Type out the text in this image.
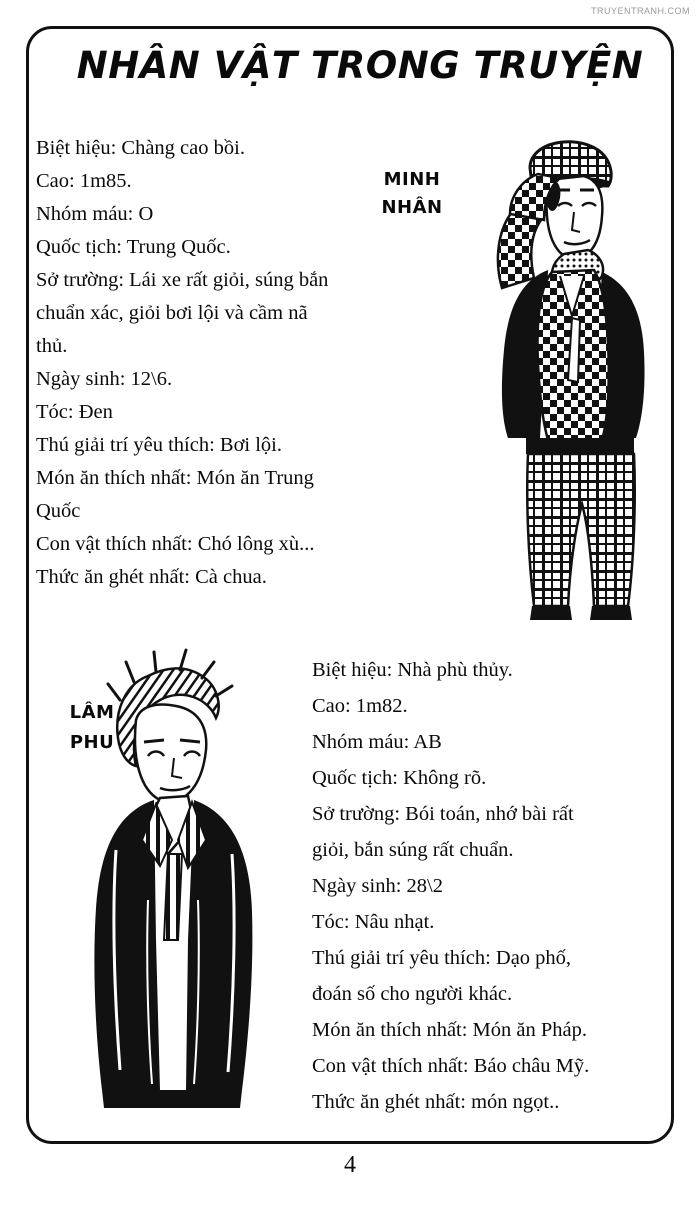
TRUYENTRANH.COM
NHÂN VẬT TRONG TRUYỆN
MINH
NHÂN
Biệt hiệu: Chàng cao bồi.
Cao: 1m85.
Nhóm máu: O
Quốc tịch: Trung Quốc.
Sở trường: Lái xe rất giỏi, súng bắn
chuẩn xác, giỏi bơi lội và cầm nã
thủ.
Ngày sinh: 12\6.
Tóc: Đen
Thú giải trí yêu thích: Bơi lội.
Món ăn thích nhất: Món ăn Trung
Quốc
Con vật thích nhất: Chó lông xù...
Thức ăn ghét nhất: Cà chua.
LÂM
PHU
Biệt hiệu: Nhà phù thủy.
Cao: 1m82.
Nhóm máu: AB
Quốc tịch: Không rõ.
Sở trường: Bói toán, nhớ bài rất
giỏi, bắn súng rất chuẩn.
Ngày sinh: 28\2
Tóc: Nâu nhạt.
Thú giải trí yêu thích: Dạo phố,
đoán số cho người khác.
Món ăn thích nhất: Món ăn Pháp.
Con vật thích nhất: Báo châu Mỹ.
Thức ăn ghét nhất: món ngọt..
4
